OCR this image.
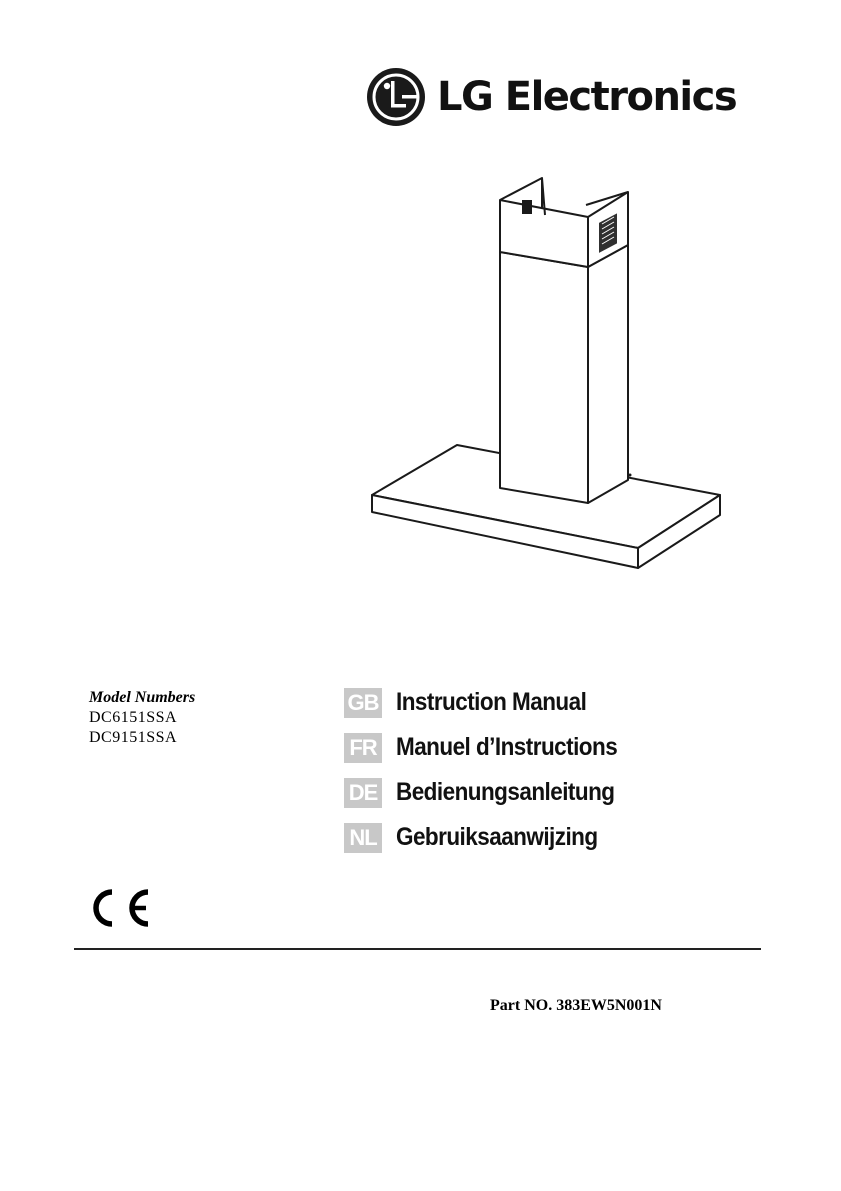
LG Electronics
Model Numbers
DC6151SSA
DC9151SSA
GB Instruction Manual
FR Manuel d’Instructions
DE Bedienungsanleitung
NL Gebruiksaanwijzing
Part NO. 383EW5N001N
